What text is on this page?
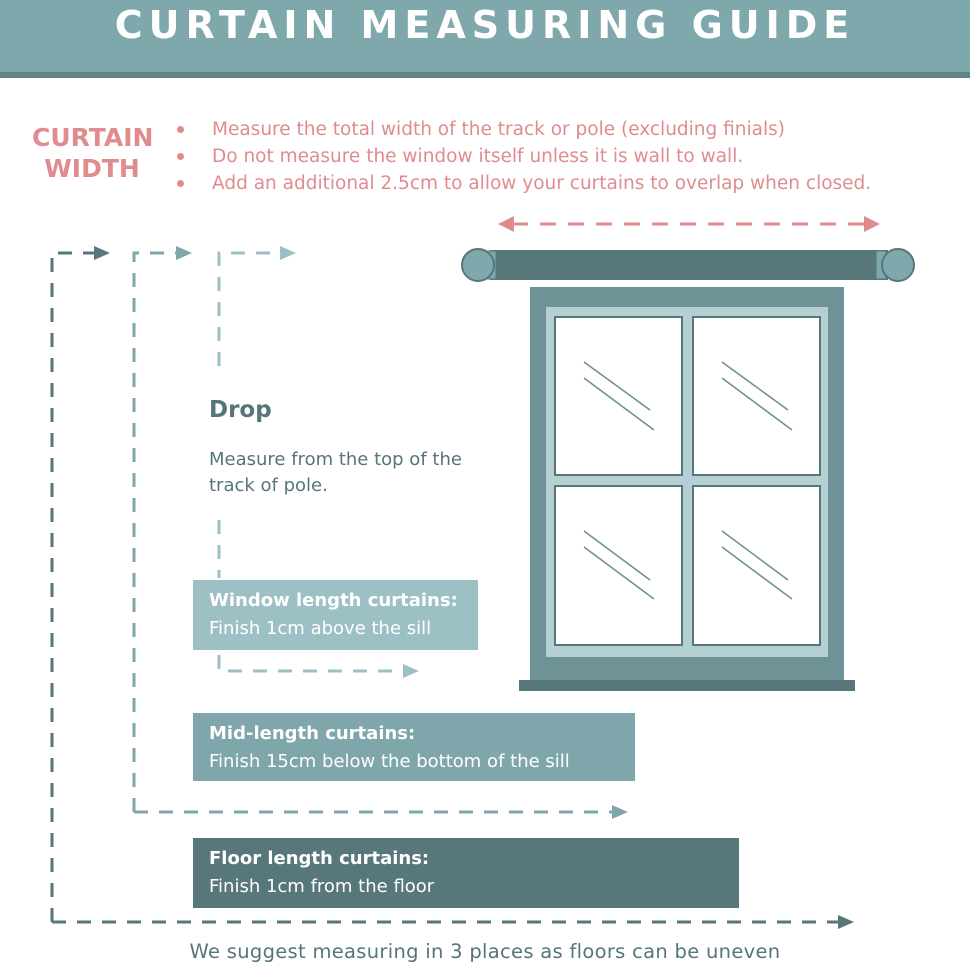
CURTAIN MEASURING GUIDE
CURTAIN
WIDTH
Measure the total width of the track or pole (excluding finials)
Do not measure the window itself unless it is wall to wall.
Add an additional 2.5cm to allow your curtains to overlap when closed.
Drop
Measure from the top of the track of pole.
Window length curtains:
Finish 1cm above the sill
Mid-length curtains:
Finish 15cm below the bottom of the sill
Floor length curtains:
Finish 1cm from the floor
We suggest measuring in 3 places as floors can be uneven
